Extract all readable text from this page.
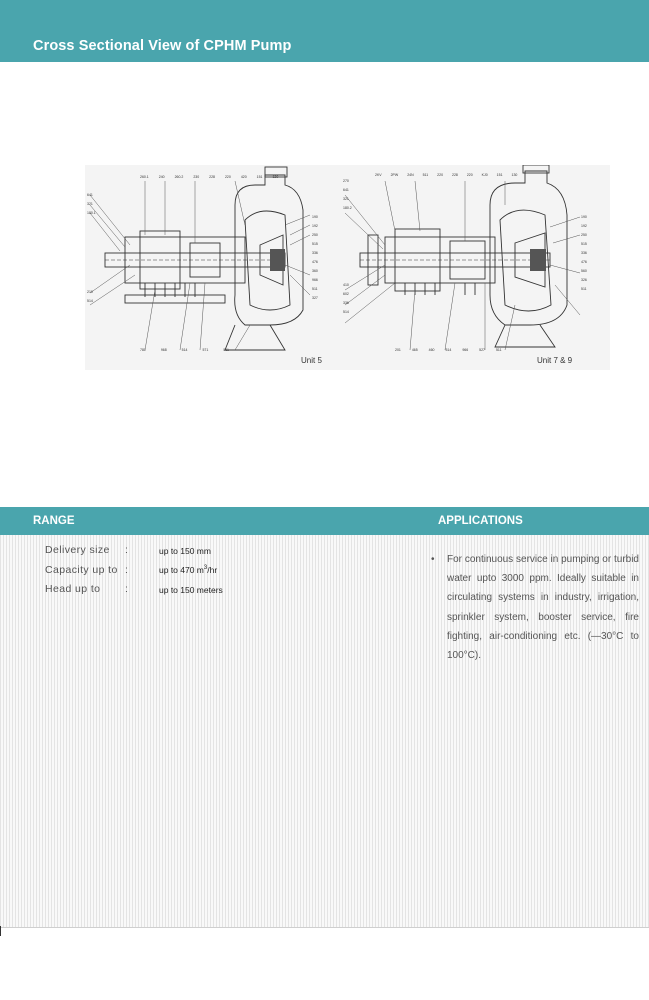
Cross Sectional View of CPHM Pump
260.1	240	260.2	230	228	220	420	151	130
641
321
180.1
210
514
190
192
250
515
336
476
360
966
511
327
781	968	514	571	511
2KV	2PW	24N	511	220	228	220	KJ0	151	130
270
641
321
180.2
410
602
336
514
190
192
250
515
336
476
560
326
511
201	465	460	514	966	527	511
Unit 5	Unit 7 & 9
RANGE	APPLICATIONS
Delivery size :	up to 150 mm
Capacity up to :	up to 470 $m^3/hr$
Head up to :	up to 150 meters
• For continuous service in pumping or turbid water upto 3000 ppm. Ideally suitable in circulating systems in industry, irrigation, sprinkler system, booster service, fire fighting, air-conditioning etc. (—30°C to 100°C).
